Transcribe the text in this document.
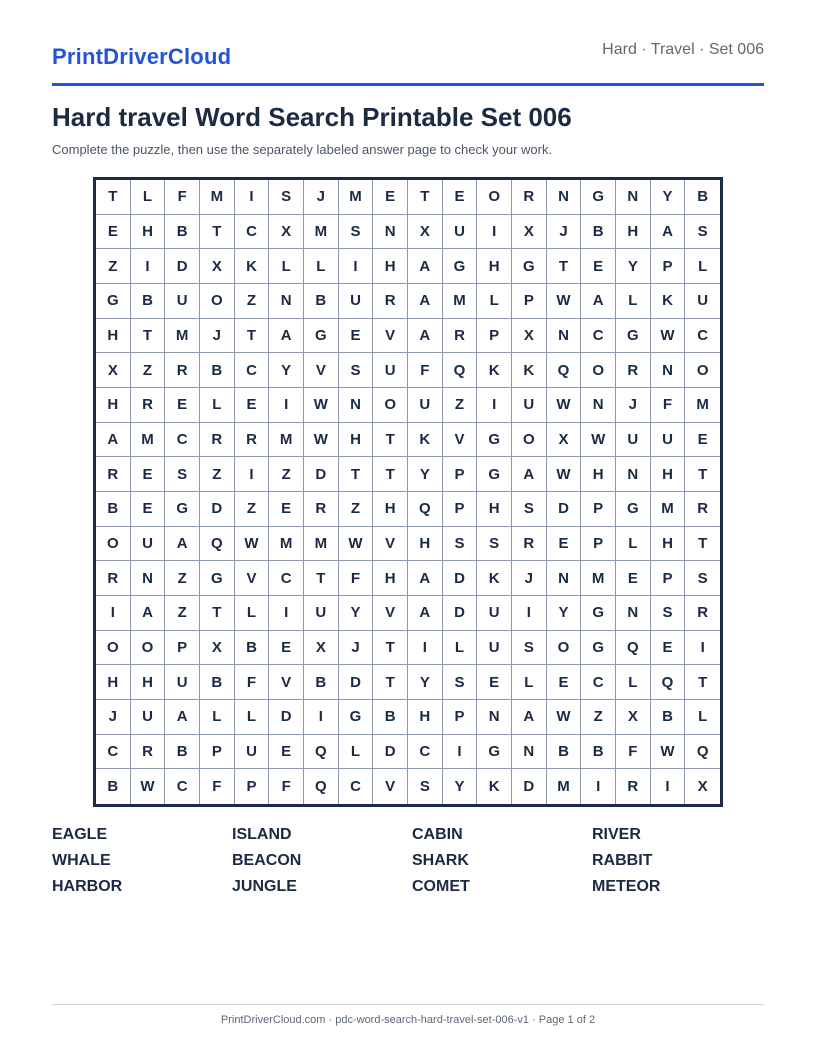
PrintDriverCloud	Hard · Travel · Set 006
Hard travel Word Search Printable Set 006
Complete the puzzle, then use the separately labeled answer page to check your work.
T	L	F	M	I	S	J	M	E	T	E	O	R	N	G	N	Y	B
E	H	B	T	C	X	M	S	N	X	U	I	X	J	B	H	A	S
Z	I	D	X	K	L	L	I	H	A	G	H	G	T	E	Y	P	L
G	B	U	O	Z	N	B	U	R	A	M	L	P	W	A	L	K	U
H	T	M	J	T	A	G	E	V	A	R	P	X	N	C	G	W	C
X	Z	R	B	C	Y	V	S	U	F	Q	K	K	Q	O	R	N	O
H	R	E	L	E	I	W	N	O	U	Z	I	U	W	N	J	F	M
A	M	C	R	R	M	W	H	T	K	V	G	O	X	W	U	U	E
R	E	S	Z	I	Z	D	T	T	Y	P	G	A	W	H	N	H	T
B	E	G	D	Z	E	R	Z	H	Q	P	H	S	D	P	G	M	R
O	U	A	Q	W	M	M	W	V	H	S	S	R	E	P	L	H	T
R	N	Z	G	V	C	T	F	H	A	D	K	J	N	M	E	P	S
I	A	Z	T	L	I	U	Y	V	A	D	U	I	Y	G	N	S	R
O	O	P	X	B	E	X	J	T	I	L	U	S	O	G	Q	E	I
H	H	U	B	F	V	B	D	T	Y	S	E	L	E	C	L	Q	T
J	U	A	L	L	D	I	G	B	H	P	N	A	W	Z	X	B	L
C	R	B	P	U	E	Q	L	D	C	I	G	N	B	B	F	W	Q
B	W	C	F	P	F	Q	C	V	S	Y	K	D	M	I	R	I	X
EAGLE	ISLAND	CABIN	RIVER
WHALE	BEACON	SHARK	RABBIT
HARBOR	JUNGLE	COMET	METEOR
PrintDriverCloud.com · pdc-word-search-hard-travel-set-006-v1 · Page 1 of 2
